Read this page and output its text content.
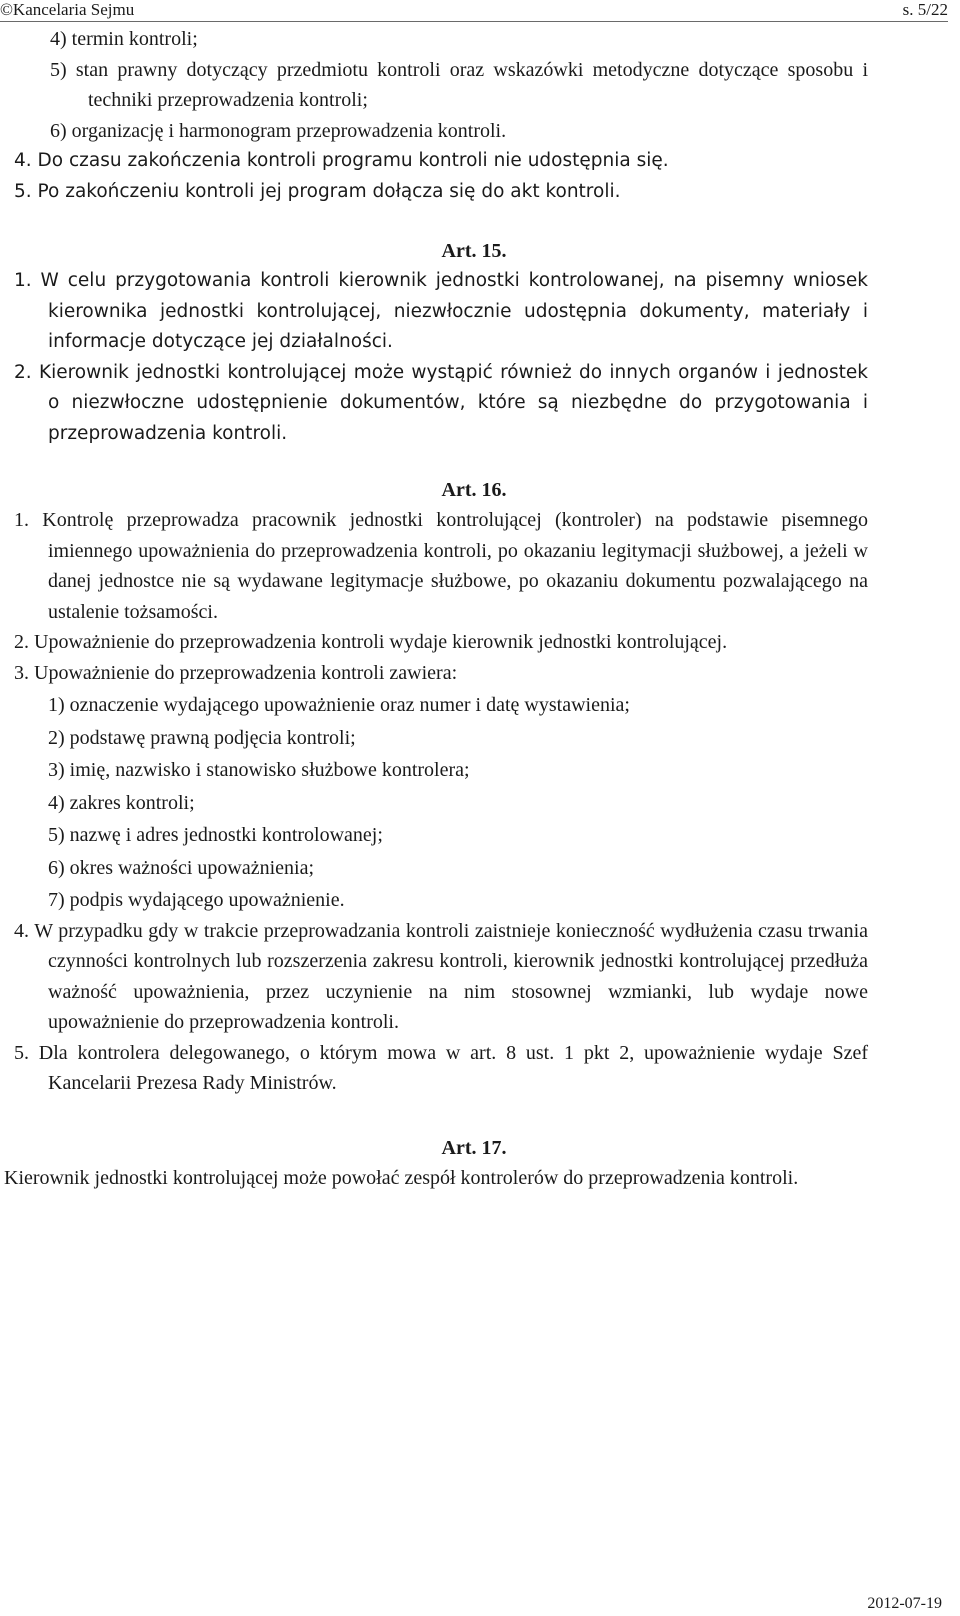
©Kancelaria Sejmu	s. 5/22

4) termin kontroli;

5) stan prawny dotyczący przedmiotu kontroli oraz wskazówki metodyczne dotyczące sposobu i techniki przeprowadzenia kontroli;

6) organizację i harmonogram przeprowadzenia kontroli.

4. Do czasu zakończenia kontroli programu kontroli nie udostępnia się.

5. Po zakończeniu kontroli jej program dołącza się do akt kontroli.

Art. 15.

1. W celu przygotowania kontroli kierownik jednostki kontrolowanej, na pisemny wniosek kierownika jednostki kontrolującej, niezwłocznie udostępnia dokumenty, materiały i informacje dotyczące jej działalności.

2. Kierownik jednostki kontrolującej może wystąpić również do innych organów i jednostek o niezwłoczne udostępnienie dokumentów, które są niezbędne do przygotowania i przeprowadzenia kontroli.

Art. 16.

1. Kontrolę przeprowadza pracownik jednostki kontrolującej (kontroler) na podstawie pisemnego imiennego upoważnienia do przeprowadzenia kontroli, po okazaniu legitymacji służbowej, a jeżeli w danej jednostce nie są wydawane legitymacje służbowe, po okazaniu dokumentu pozwalającego na ustalenie tożsamości.

2. Upoważnienie do przeprowadzenia kontroli wydaje kierownik jednostki kontrolującej.

3. Upoważnienie do przeprowadzenia kontroli zawiera:

1) oznaczenie wydającego upoważnienie oraz numer i datę wystawienia;

2) podstawę prawną podjęcia kontroli;

3) imię, nazwisko i stanowisko służbowe kontrolera;

4) zakres kontroli;

5) nazwę i adres jednostki kontrolowanej;

6) okres ważności upoważnienia;

7) podpis wydającego upoważnienie.

4. W przypadku gdy w trakcie przeprowadzania kontroli zaistnieje konieczność wydłużenia czasu trwania czynności kontrolnych lub rozszerzenia zakresu kontroli, kierownik jednostki kontrolującej przedłuża ważność upoważnienia, przez uczynienie na nim stosownej wzmianki, lub wydaje nowe upoważnienie do przeprowadzenia kontroli.

5. Dla kontrolera delegowanego, o którym mowa w art. 8 ust. 1 pkt 2, upoważnienie wydaje Szef Kancelarii Prezesa Rady Ministrów.

Art. 17.

Kierownik jednostki kontrolującej może powołać zespół kontrolerów do przeprowadzenia kontroli.

2012-07-19
